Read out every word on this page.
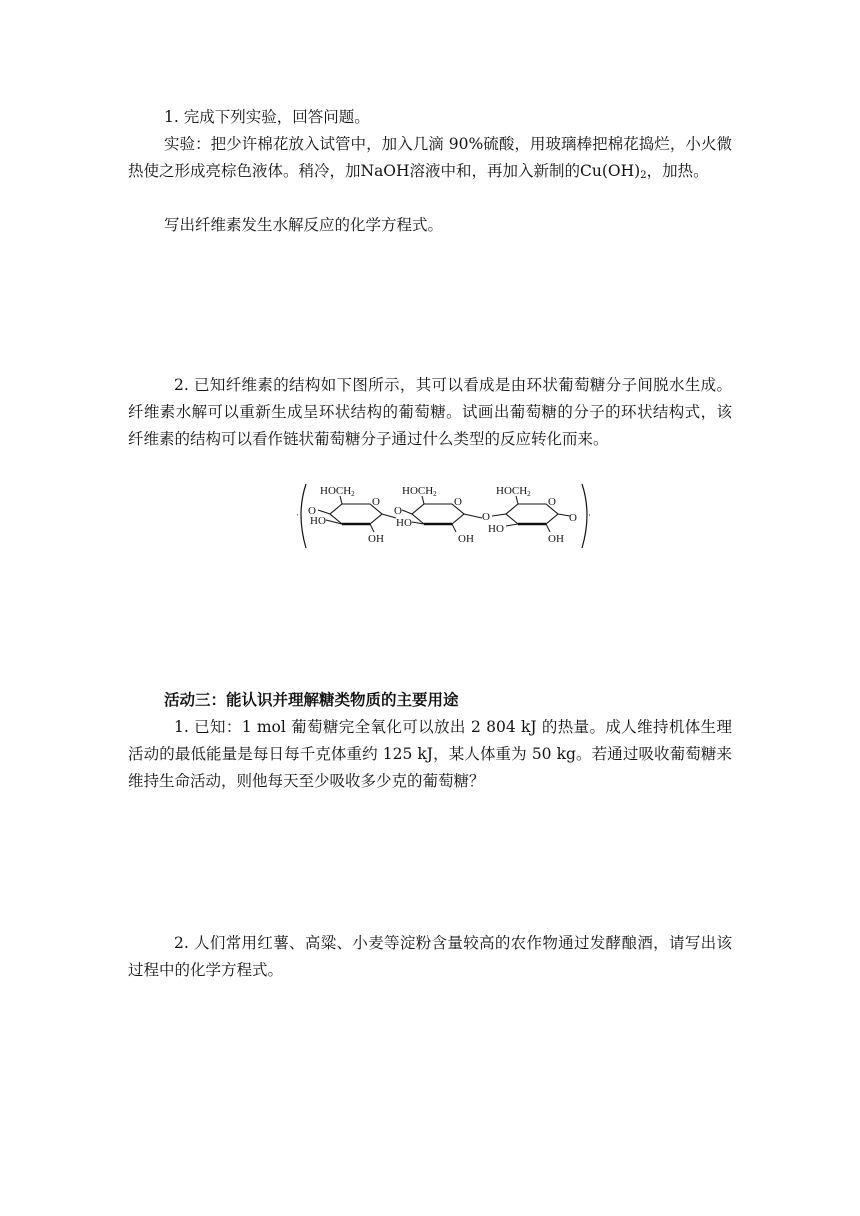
1. 完成下列实验，回答问题。

实验：把少许棉花放入试管中，加入几滴 90%硫酸，用玻璃棒把棉花捣烂，小火微热使之形成亮棕色液体。稍冷，加NaOH溶液中和，再加入新制的$Cu(OH)_2$，加热。

写出纤维素发生水解反应的化学方程式。

2. 已知纤维素的结构如下图所示，其可以看成是由环状葡萄糖分子间脱水生成。纤维素水解可以重新生成呈环状结构的葡萄糖。试画出葡萄糖的分子的环状结构式，该纤维素的结构可以看作链状葡萄糖分子通过什么类型的反应转化而来。

·	·
HOCH2
O
O
HO
OH
HOCH2
O
O
HO
OH
HOCH2
O
O
HO
OH
O

活动三：能认识并理解糖类物质的主要用途

1. 已知：1 mol 葡萄糖完全氧化可以放出 2 804 kJ 的热量。成人维持机体生理活动的最低能量是每日每千克体重约 125 kJ，某人体重为 50 kg。若通过吸收葡萄糖来维持生命活动，则他每天至少吸收多少克的葡萄糖？

2. 人们常用红薯、高粱、小麦等淀粉含量较高的农作物通过发酵酿酒，请写出该过程中的化学方程式。
